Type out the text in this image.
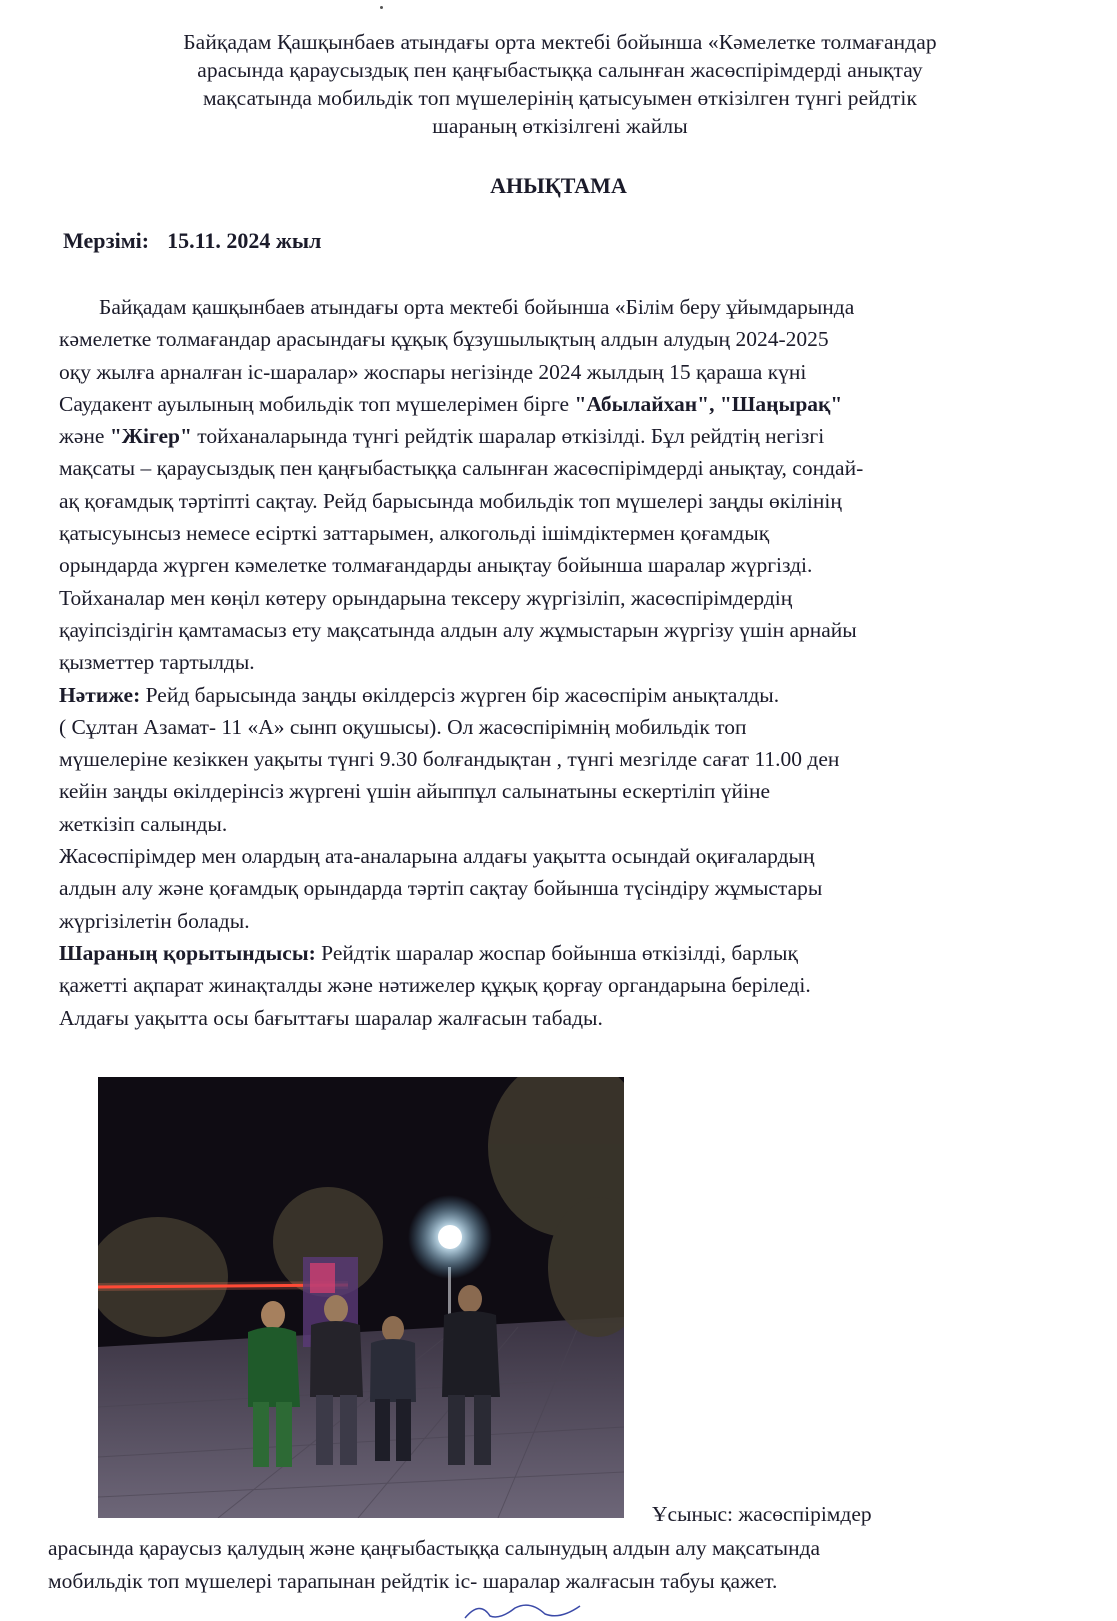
Байқадам Қашқынбаев атындағы орта мектебі бойынша «Кәмелетке толмағандар
арасында қараусыздық пен қаңғыбастыққа салынған жасөспірімдерді анықтау
мақсатында мобильдік топ мүшелерінің қатысуымен өткізілген түнгі рейдтік
шараның өткізілгені жайлы
АНЫҚТАМА
Мерзімі: 15.11. 2024 жыл
Байқадам қашқынбаев атындағы орта мектебі бойынша «Білім беру ұйымдарында
кәмелетке толмағандар арасындағы құқық бұзушылықтың алдын алудың 2024-2025
оқу жылға арналған іс-шаралар» жоспары негізінде 2024 жылдың 15 қараша күні
Саудакент ауылының мобильдік топ мүшелерімен бірге "Абылайхан", "Шаңырақ"
және "Жігер" тойханаларында түнгі рейдтік шаралар өткізілді. Бұл рейдтің негізгі
мақсаты – қараусыздық пен қаңғыбастыққа салынған жасөспірімдерді анықтау, сондай-
ақ қоғамдық тәртіпті сақтау. Рейд барысында мобильдік топ мүшелері заңды өкілінің
қатысуынсыз немесе есірткі заттарымен, алкогольді ішімдіктермен қоғамдық
орындарда жүрген кәмелетке толмағандарды анықтау бойынша шаралар жүргізді.
Тойханалар мен көңіл көтеру орындарына тексеру жүргізіліп, жасөспірімдердің
қауіпсіздігін қамтамасыз ету мақсатында алдын алу жұмыстарын жүргізу үшін арнайы
қызметтер тартылды.
Нәтиже: Рейд барысында заңды өкілдерсіз жүрген бір жасөспірім анықталды.
( Сұлтан Азамат- 11 «А» сынп оқушысы). Ол жасөспірімнің мобильдік топ
мүшелеріне кезіккен уақыты түнгі 9.30 болғандықтан , түнгі мезгілде сағат 11.00 ден
кейін заңды өкілдерінсіз жүргені үшін айыппұл салынатыны ескертіліп үйіне
жеткізіп салынды.
Жасөспірімдер мен олардың ата-аналарына алдағы уақытта осындай оқиғалардың
алдын алу және қоғамдық орындарда тәртіп сақтау бойынша түсіндіру жұмыстары
жүргізілетін болады.
Шараның қорытындысы: Рейдтік шаралар жоспар бойынша өткізілді, барлық
қажетті ақпарат жинақталды және нәтижелер құқық қорғау органдарына беріледі.
Алдағы уақытта осы бағыттағы шаралар жалғасын табады.
Ұсыныс: жасөспірімдер
арасында қараусыз қалудың және қаңғыбастыққа салынудың алдын алу мақсатында
мобильдік топ мүшелері тарапынан рейдтік іс- шаралар жалғасын табуы қажет.
